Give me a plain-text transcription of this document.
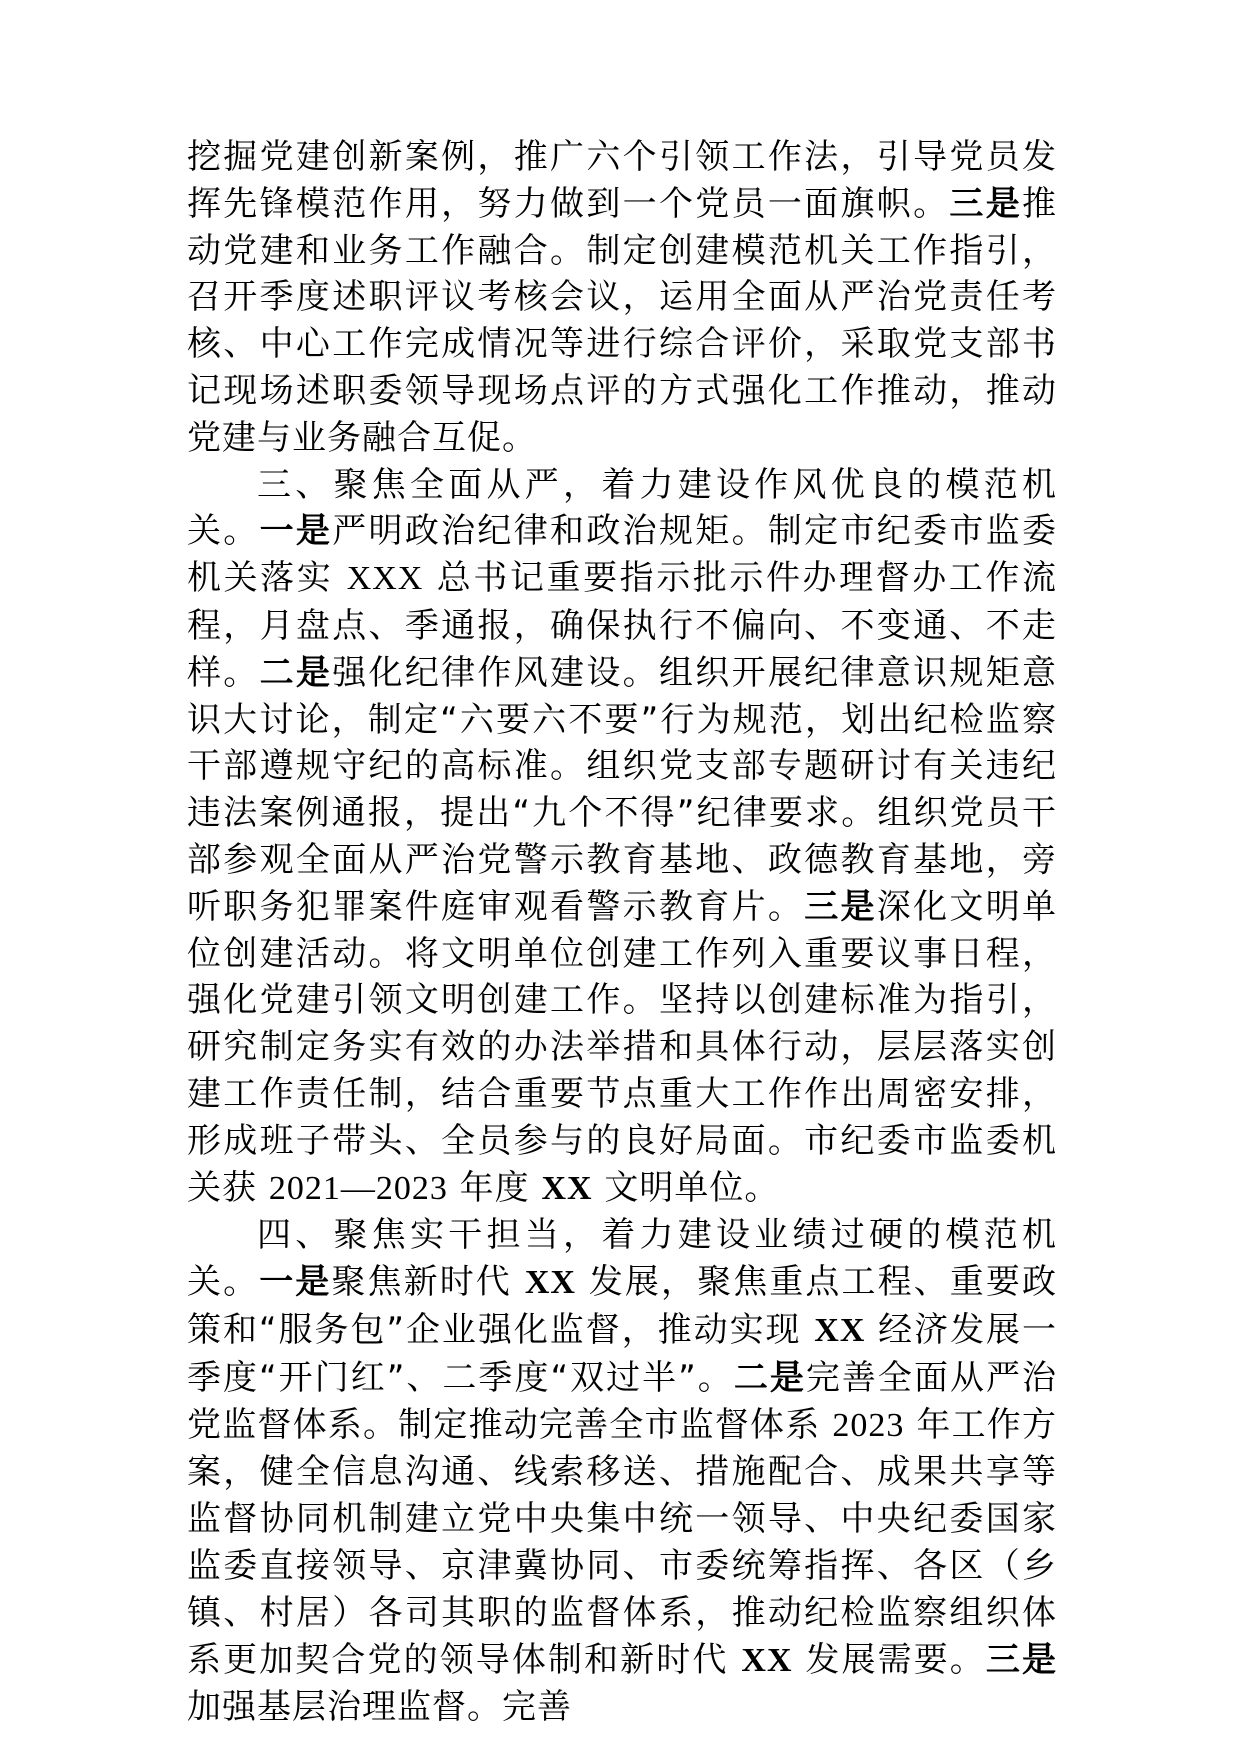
挖掘党建创新案例，推广六个引领工作法，引导党员发挥先锋模范作用，努力做到一个党员一面旗帜。三是推动党建和业务工作融合。制定创建模范机关工作指引，召开季度述职评议考核会议，运用全面从严治党责任考核、中心工作完成情况等进行综合评价，采取党支部书记现场述职委领导现场点评的方式强化工作推动，推动党建与业务融合互促。

三、聚焦全面从严，着力建设作风优良的模范机关。一是严明政治纪律和政治规矩。制定市纪委市监委机关落实 XXX 总书记重要指示批示件办理督办工作流程，月盘点、季通报，确保执行不偏向、不变通、不走样。二是强化纪律作风建设。组织开展纪律意识规矩意识大讨论，制定“六要六不要”行为规范，划出纪检监察干部遵规守纪的高标准。组织党支部专题研讨有关违纪违法案例通报，提出“九个不得”纪律要求。组织党员干部参观全面从严治党警示教育基地、政德教育基地，旁听职务犯罪案件庭审观看警示教育片。三是深化文明单位创建活动。将文明单位创建工作列入重要议事日程，强化党建引领文明创建工作。坚持以创建标准为指引，研究制定务实有效的办法举措和具体行动，层层落实创建工作责任制，结合重要节点重大工作作出周密安排，形成班子带头、全员参与的良好局面。市纪委市监委机关获 2021—2023 年度 XX 文明单位。

四、聚焦实干担当，着力建设业绩过硬的模范机关。一是聚焦新时代 XX 发展，聚焦重点工程、重要政策和“服务包”企业强化监督，推动实现 XX 经济发展一季度“开门红”、二季度“双过半”。二是完善全面从严治党监督体系。制定推动完善全市监督体系 2023 年工作方案，健全信息沟通、线索移送、措施配合、成果共享等监督协同机制建立党中央集中统一领导、中央纪委国家监委直接领导、京津冀协同、市委统筹指挥、各区（乡镇、村居）各司其职的监督体系，推动纪检监察组织体系更加契合党的领导体制和新时代 XX 发展需要。三是加强基层治理监督。完善
